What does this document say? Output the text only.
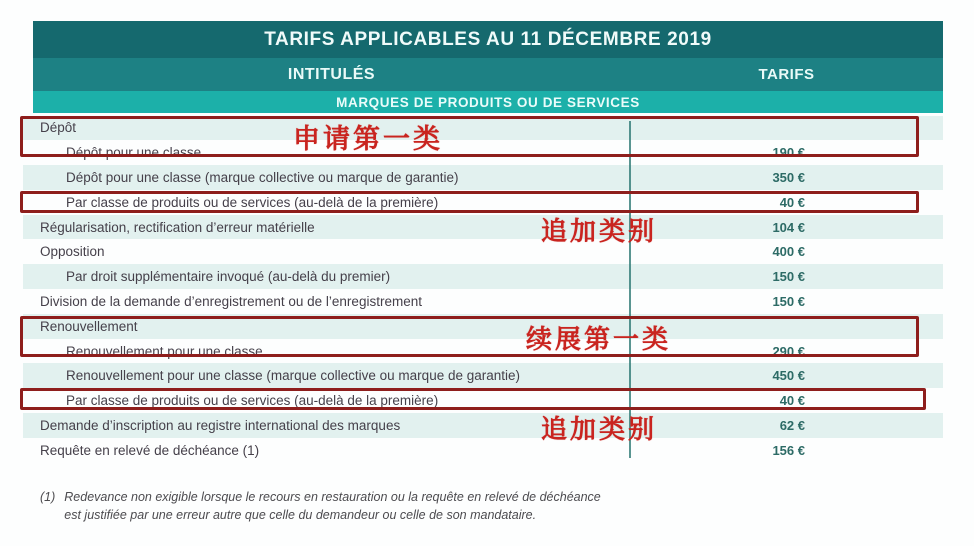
TARIFS APPLICABLES AU 11 DÉCEMBRE 2019
INTITULÉS	TARIFS
MARQUES DE PRODUITS OU DE SERVICES
Dépôt
Dépôt pour une classe	190 €
Dépôt pour une classe (marque collective ou marque de garantie)	350 €
Par classe de produits ou de services (au-delà de la première)	40 €
Régularisation, rectification d’erreur matérielle	104 €
Opposition	400 €
Par droit supplémentaire invoqué (au-delà du premier)	150 €
Division de la demande d’enregistrement ou de l’enregistrement	150 €
Renouvellement
Renouvellement pour une classe	290 €
Renouvellement pour une classe (marque collective ou marque de garantie)	450 €
Par classe de produits ou de services (au-delà de la première)	40 €
Demande d’inscription au registre international des marques	62 €
Requête en relevé de déchéance (1)	156 €
申请第一类
追加类别
续展第一类
追加类别
(1) Redevance non exigible lorsque le recours en restauration ou la requête en relevé de déchéance
est justifiée par une erreur autre que celle du demandeur ou celle de son mandataire.
